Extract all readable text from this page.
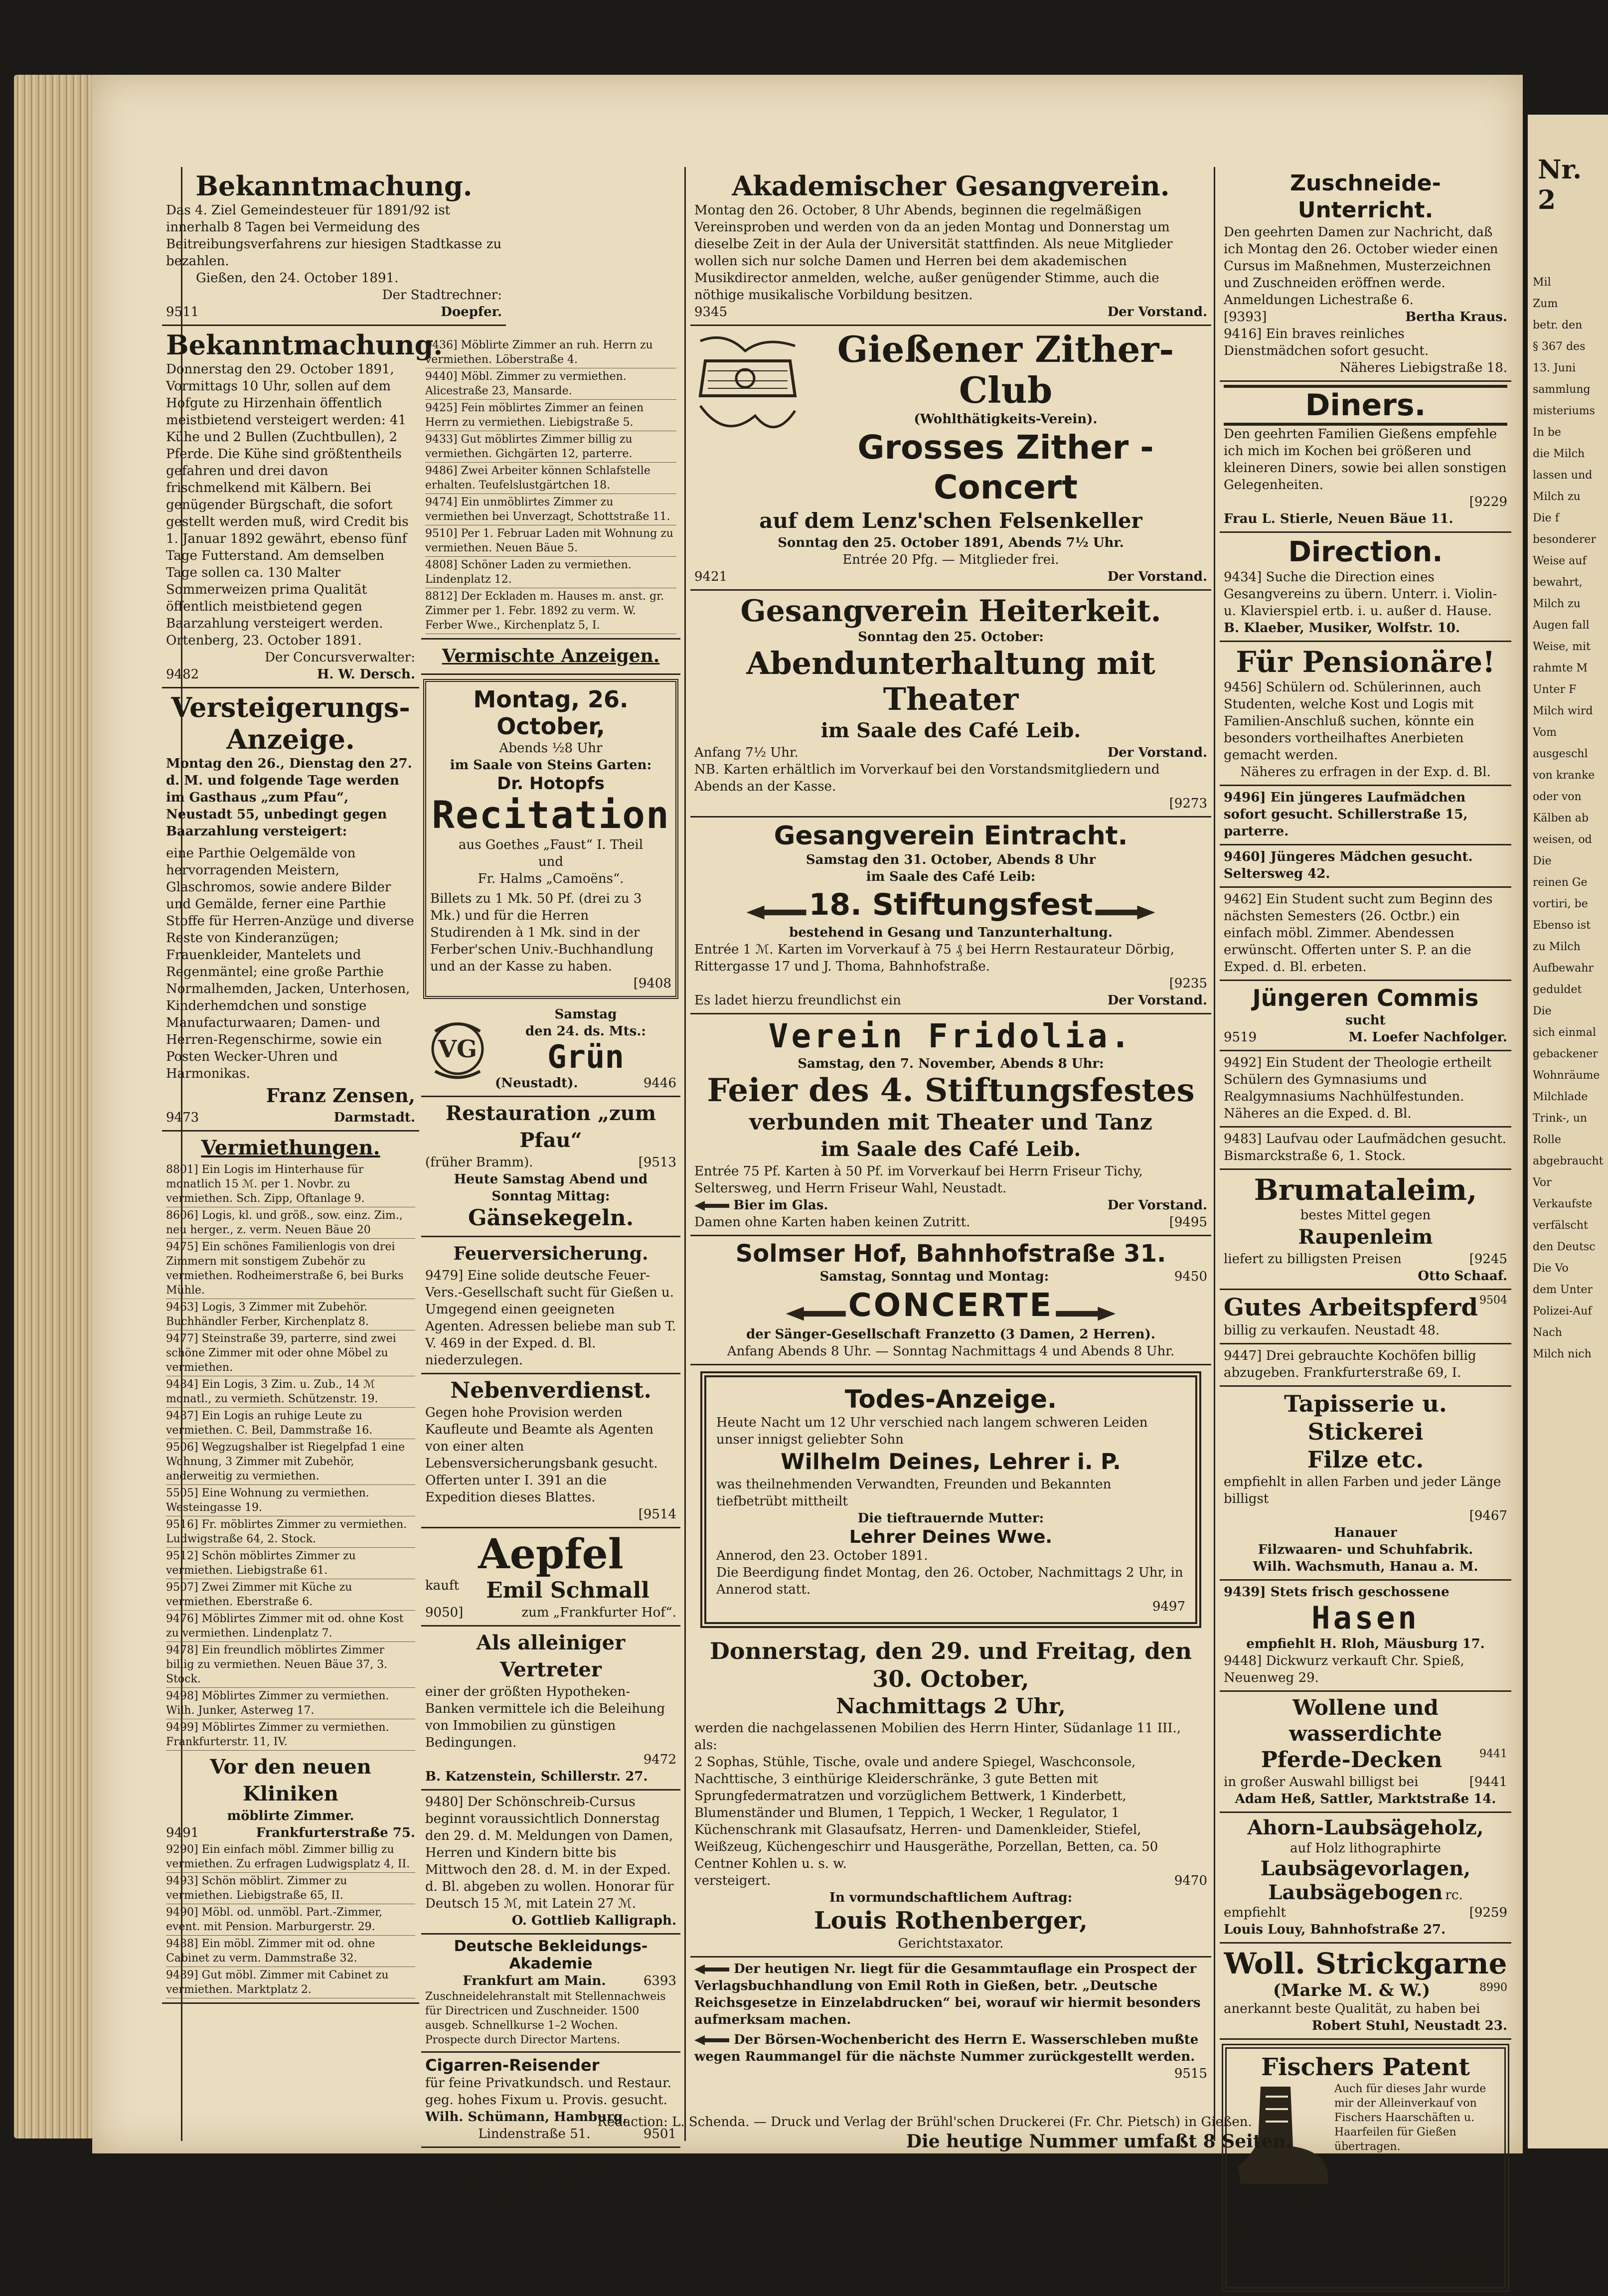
Bekanntmachung.

Das 4. Ziel Gemeindesteuer für 1891/92 ist innerhalb 8 Tagen bei Vermeidung des Beitreibungsverfahrens zur hiesigen Stadtkasse zu bezahlen.

Gießen, den 24. October 1891.

Der Stadtrechner:

9511	Doepfer.

Bekanntmachung.

Donnerstag den 29. October 1891, Vormittags 10 Uhr, sollen auf dem Hofgute zu Hirzenhain öffentlich meistbietend versteigert werden: 41 Kühe und 2 Bullen (Zuchtbullen), 2 Pferde. Die Kühe sind größtentheils gefahren und drei davon frischmelkend mit Kälbern. Bei genügender Bürgschaft, die sofort gestellt werden muß, wird Credit bis 1. Januar 1892 gewährt, ebenso fünf Tage Futterstand. Am demselben Tage sollen ca. 130 Malter Sommerweizen prima Qualität öffentlich meistbietend gegen Baarzahlung versteigert werden.

Ortenberg, 23. October 1891.

Der Concursverwalter:

9482	H. W. Dersch.

Versteigerungs-

Anzeige.

Montag den 26., Dienstag den 27. d. M. und folgende Tage werden im Gasthaus „zum Pfau“, Neustadt 55, unbedingt gegen Baarzahlung versteigert:

eine Parthie Oelgemälde von hervorragenden Meistern, Glaschromos, sowie andere Bilder und Gemälde, ferner eine Parthie Stoffe für Herren-Anzüge und diverse Reste von Kinderanzügen; Frauenkleider, Mantelets und Regenmäntel; eine große Parthie Normalhemden, Jacken, Unterhosen, Kinderhemdchen und sonstige Manufacturwaaren; Damen- und Herren-Regenschirme, sowie ein Posten Wecker-Uhren und Harmonikas.

Franz Zensen,

9473	Darmstadt.

Vermiethungen.

8801] Ein Logis im Hinterhause für monatlich 15 ℳ. per 1. Novbr. zu vermiethen. Sch. Zipp, Oftanlage 9.

8606] Logis, kl. und größ., sow. einz. Zim., neu herger., z. verm. Neuen Bäue 20

9475] Ein schönes Familienlogis von drei Zimmern mit sonstigem Zubehör zu vermiethen. Rodheimerstraße 6, bei Burks Mühle.

9463] Logis, 3 Zimmer mit Zubehör. Buchhändler Ferber, Kirchenplatz 8.

9477] Steinstraße 39, parterre, sind zwei schöne Zimmer mit oder ohne Möbel zu vermiethen.

9484] Ein Logis, 3 Zim. u. Zub., 14 ℳ monatl., zu vermieth. Schützenstr. 19.

9487] Ein Logis an ruhige Leute zu vermiethen. C. Beil, Dammstraße 16.

9506] Wegzugshalber ist Riegelpfad 1 eine Wohnung, 3 Zimmer mit Zubehör, anderweitig zu vermiethen.

5505] Eine Wohnung zu vermiethen. Westeingasse 19.

9516] Fr. möblirtes Zimmer zu vermiethen. Ludwigstraße 64, 2. Stock.

9512] Schön möblirtes Zimmer zu vermiethen. Liebigstraße 61.

9507] Zwei Zimmer mit Küche zu vermiethen. Eberstraße 6.

9476] Möblirtes Zimmer mit od. ohne Kost zu vermiethen. Lindenplatz 7.

9478] Ein freundlich möblirtes Zimmer billig zu vermiethen. Neuen Bäue 37, 3. Stock.

9498] Möblirtes Zimmer zu vermiethen. Wilh. Junker, Asterweg 17.

9499] Möblirtes Zimmer zu vermiethen. Frankfurterstr. 11, IV.

Vor den neuen Kliniken

möblirte Zimmer.

9491	Frankfurterstraße 75.

9290] Ein einfach möbl. Zimmer billig zu vermiethen. Zu erfragen Ludwigsplatz 4, II.

9493] Schön möblirt. Zimmer zu vermiethen. Liebigstraße 65, II.

9490] Möbl. od. unmöbl. Part.-Zimmer, event. mit Pension. Marburgerstr. 29.

9488] Ein möbl. Zimmer mit od. ohne Cabinet zu verm. Dammstraße 32.

9489] Gut möbl. Zimmer mit Cabinet zu vermiethen. Marktplatz 2.

9436] Möblirte Zimmer an ruh. Herrn zu vermiethen. Löberstraße 4.

9440] Möbl. Zimmer zu vermiethen. Alicestraße 23, Mansarde.

9425] Fein möblirtes Zimmer an feinen Herrn zu vermiethen. Liebigstraße 5.

9433] Gut möblirtes Zimmer billig zu vermiethen. Gichgärten 12, parterre.

9486] Zwei Arbeiter können Schlafstelle erhalten. Teufelslustgärtchen 18.

9474] Ein unmöblirtes Zimmer zu vermiethen bei Unverzagt, Schottstraße 11.

9510] Per 1. Februar Laden mit Wohnung zu vermiethen. Neuen Bäue 5.

4808] Schöner Laden zu vermiethen. Lindenplatz 12.

8812] Der Eckladen m. Hauses m. anst. gr. Zimmer per 1. Febr. 1892 zu verm. W. Ferber Wwe., Kirchenplatz 5, I.

Vermischte Anzeigen.

Montag, 26. October,

Abends ½8 Uhr

im Saale von Steins Garten:

Dr. Hotopfs

Recitation

aus Goethes „Faust“ I. Theil

und

Fr. Halms „Camoëns“.

Billets zu 1 Mk. 50 Pf. (drei zu 3 Mk.) und für die Herren Studirenden à 1 Mk. sind in der Ferber'schen Univ.-Buchhandlung und an der Kasse zu haben.

[9408

VG

Samstag

den 24. ds. Mts.:

Grün

(Neustadt).	9446

Restauration „zum Pfau“

(früher Bramm).	[9513

Heute Samstag Abend und Sonntag Mittag:

Gänsekegeln.

Feuerversicherung.

9479] Eine solide deutsche Feuer-Vers.-Gesellschaft sucht für Gießen u. Umgegend einen geeigneten Agenten. Adressen beliebe man sub T. V. 469 in der Exped. d. Bl. niederzulegen.

Nebenverdienst.

Gegen hohe Provision werden Kaufleute und Beamte als Agenten von einer alten Lebensversicherungsbank gesucht. Offerten unter I. 391 an die Expedition dieses Blattes.

[9514

Aepfel

kauft Emil Schmall
9050]	zum „Frankfurter Hof“.

Als alleiniger Vertreter

einer der größten Hypotheken-Banken vermittele ich die Beleihung von Immobilien zu günstigen Bedingungen.

9472

B. Katzenstein, Schillerstr. 27.

9480] Der Schönschreib-Cursus beginnt voraussichtlich Donnerstag den 29. d. M. Meldungen von Damen, Herren und Kindern bitte bis Mittwoch den 28. d. M. in der Exped. d. Bl. abgeben zu wollen. Honorar für Deutsch 15 ℳ, mit Latein 27 ℳ.

O. Gottlieb Kalligraph.

Deutsche Bekleidungs-Akademie

Frankfurt am Main.	6393

Zuschneidelehranstalt mit Stellennachweis für Directricen und Zuschneider. 1500 ausgeb. Schnellkurse 1–2 Wochen. Prospecte durch Director Martens.

Cigarren-Reisender

für feine Privatkundsch. und Restaur. geg. hohes Fixum u. Provis. gesucht.

Wilh. Schümann, Hamburg,

Lindenstraße 51.	9501

F. G. F.

Montag Abend: Becker.

Akademischer Gesangverein.

Montag den 26. October, 8 Uhr Abends, beginnen die regelmäßigen Vereinsproben und werden von da an jeden Montag und Donnerstag um dieselbe Zeit in der Aula der Universität stattfinden. Als neue Mitglieder wollen sich nur solche Damen und Herren bei dem akademischen Musikdirector anmelden, welche, außer genügender Stimme, auch die nöthige musikalische Vorbildung besitzen.

9345	Der Vorstand.

Gießener Zither-Club

(Wohlthätigkeits-Verein).

Grosses Zither - Concert

auf dem Lenz'schen Felsenkeller

Sonntag den 25. October 1891, Abends 7½ Uhr.

Entrée 20 Pfg. — Mitglieder frei.

9421	Der Vorstand.

Gesangverein Heiterkeit.

Sonntag den 25. October:

Abendunterhaltung mit Theater

im Saale des Café Leib.

Anfang 7½ Uhr.	Der Vorstand.

NB. Karten erhältlich im Vorverkauf bei den Vorstandsmitgliedern und Abends an der Kasse.

[9273

Gesangverein Eintracht.

Samstag den 31. October, Abends 8 Uhr

im Saale des Café Leib:

18. Stiftungsfest

bestehend in Gesang und Tanzunterhaltung.

Entrée 1 ℳ. Karten im Vorverkauf à 75 ₰ bei Herrn Restaurateur Dörbig, Rittergasse 17 und J. Thoma, Bahnhofstraße.

[9235

Es ladet hierzu freundlichst ein	Der Vorstand.

Verein Fridolia.

Samstag, den 7. November, Abends 8 Uhr:

Feier des 4. Stiftungsfestes

verbunden mit Theater und Tanz

im Saale des Café Leib.

Entrée 75 Pf. Karten à 50 Pf. im Vorverkauf bei Herrn Friseur Tichy, Seltersweg, und Herrn Friseur Wahl, Neustadt.

Bier im Glas.	Der Vorstand.
Damen ohne Karten haben keinen Zutritt.	[9495

Solmser Hof, Bahnhofstraße 31.

Samstag, Sonntag und Montag:	9450

CONCERTE

der Sänger-Gesellschaft Franzetto (3 Damen, 2 Herren).

Anfang Abends 8 Uhr. — Sonntag Nachmittags 4 und Abends 8 Uhr.

Todes-Anzeige.

Heute Nacht um 12 Uhr verschied nach langem schweren Leiden unser innigst geliebter Sohn

Wilhelm Deines, Lehrer i. P.

was theilnehmenden Verwandten, Freunden und Bekannten tiefbetrübt mittheilt

Die tieftrauernde Mutter:

Lehrer Deines Wwe.

Annerod, den 23. October 1891.

Die Beerdigung findet Montag, den 26. October, Nachmittags 2 Uhr, in Annerod statt.

9497

Donnerstag, den 29. und Freitag, den 30. October,

Nachmittags 2 Uhr,

werden die nachgelassenen Mobilien des Herrn Hinter, Südanlage 11 III., als:

2 Sophas, Stühle, Tische, ovale und andere Spiegel, Waschconsole, Nachttische, 3 einthürige Kleiderschränke, 3 gute Betten mit Sprungfedermatratzen und vorzüglichem Bettwerk, 1 Kinderbett, Blumenständer und Blumen, 1 Teppich, 1 Wecker, 1 Regulator, 1 Küchenschrank mit Glasaufsatz, Herren- und Damenkleider, Stiefel, Weißzeug, Küchengeschirr und Hausgeräthe, Porzellan, Betten, ca. 50 Centner Kohlen u. s. w.

versteigert.	9470

In vormundschaftlichem Auftrag:

Louis Rothenberger,

Gerichtstaxator.

Der heutigen Nr. liegt für die Gesammtauflage ein Prospect der Verlagsbuchhandlung von Emil Roth in Gießen, betr. „Deutsche Reichsgesetze in Einzelabdrucken“ bei, worauf wir hiermit besonders aufmerksam machen.

Der Börsen-Wochenbericht des Herrn E. Wasserschleben mußte wegen Raummangel für die nächste Nummer zurückgestellt werden.

9515

Zuschneide-Unterricht.

Den geehrten Damen zur Nachricht, daß ich Montag den 26. October wieder einen Cursus im Maßnehmen, Musterzeichnen und Zuschneiden eröffnen werde. Anmeldungen Lichestraße 6.

[9393]	Bertha Kraus.

9416] Ein braves reinliches Dienstmädchen sofort gesucht.

Näheres Liebigstraße 18.

Diners.

Den geehrten Familien Gießens empfehle ich mich im Kochen bei größeren und kleineren Diners, sowie bei allen sonstigen Gelegenheiten.

[9229

Frau L. Stierle, Neuen Bäue 11.

Direction.

9434] Suche die Direction eines Gesangvereins zu übern. Unterr. i. Violin- u. Klavierspiel ertb. i. u. außer d. Hause.

B. Klaeber, Musiker, Wolfstr. 10.

Für Pensionäre!

9456] Schülern od. Schülerinnen, auch Studenten, welche Kost und Logis mit Familien-Anschluß suchen, könnte ein besonders vortheilhaftes Anerbieten gemacht werden.

Näheres zu erfragen in der Exp. d. Bl.

9496] Ein jüngeres Laufmädchen sofort gesucht. Schillerstraße 15, parterre.

9460] Jüngeres Mädchen gesucht. Seltersweg 42.

9462] Ein Student sucht zum Beginn des nächsten Semesters (26. Octbr.) ein einfach möbl. Zimmer. Abendessen erwünscht. Offerten unter S. P. an die Exped. d. Bl. erbeten.

Jüngeren Commis

sucht

9519	M. Loefer Nachfolger.

9492] Ein Student der Theologie ertheilt Schülern des Gymnasiums und Realgymnasiums Nachhülfestunden. Näheres an die Exped. d. Bl.

9483] Laufvau oder Laufmädchen gesucht. Bismarckstraße 6, 1. Stock.

Brumataleim,

bestes Mittel gegen

Raupenleim

liefert zu billigsten Preisen	[9245

Otto Schaaf.

Gutes Arbeitspferd 9504

billig zu verkaufen. Neustadt 48.

9447] Drei gebrauchte Kochöfen billig abzugeben. Frankfurterstraße 69, I.

Tapisserie u. Stickerei

Filze etc.

empfiehlt in allen Farben und jeder Länge billigst

[9467

Hanauer

Filzwaaren- und Schuhfabrik.

Wilh. Wachsmuth, Hanau a. M.

9439] Stets frisch geschossene

Hasen

empfiehlt H. Rloh, Mäusburg 17.

9448] Dickwurz verkauft Chr. Spieß, Neuenweg 29.

Wollene und wasserdichte

Pferde-Decken	9441
in großer Auswahl billigst bei	[9441

Adam Heß, Sattler, Marktstraße 14.

Ahorn-Laubsägeholz,

auf Holz lithographirte

Laubsägevorlagen,

Laubsägebogen rc.

empfiehlt	[9259

Louis Louy, Bahnhofstraße 27.

Woll. Strickgarne

(Marke M. & W.)	8990

anerkannt beste Qualität, zu haben bei

Robert Stuhl, Neustadt 23.

Fischers Patent

Auch für dieses Jahr wurde mir der Alleinverkauf von Fischers Haarschäften u. Haarfeilen für Gießen übertragen.

Ich kann diesen fußbekleidung kann dieselben aufs Angelegentlichste empfehlen und gebe diese Artikel zu gleichem Preise wie ist der Fabrik ab.

Wilh. Herbert,

9151]	Marktplatz.

Redaction: L. Schenda. — Druck und Verlag der Brühl'schen Druckerei (Fr. Chr. Pietsch) in Gießen.

Die heutige Nummer umfaßt 8 Seiten.

Nr. 2

Mil

Zum

betr. den

§ 367 des

13. Juni

sammlung

misteriums

In be

die Milch

lassen und

Milch zu

Die f

besonderer

Weise auf

bewahrt,

Milch zu

Augen fall

Weise, mit

rahmte M

Unter F

Milch wird

Vom

ausgeschl

von kranke

oder von

Kälben ab

weisen, od

Die

reinen Ge

vortiri, be

Ebenso ist

zu Milch

Aufbewahr

geduldet

Die

sich einmal

gebackener

Wohnräume

Milchlade

Trink-, un

Rolle

abgebraucht

Vor

Verkaufste

verfälscht

den Deutsc

Die Vo

dem Unter

Polizei-Auf

Nach

Milch nich
